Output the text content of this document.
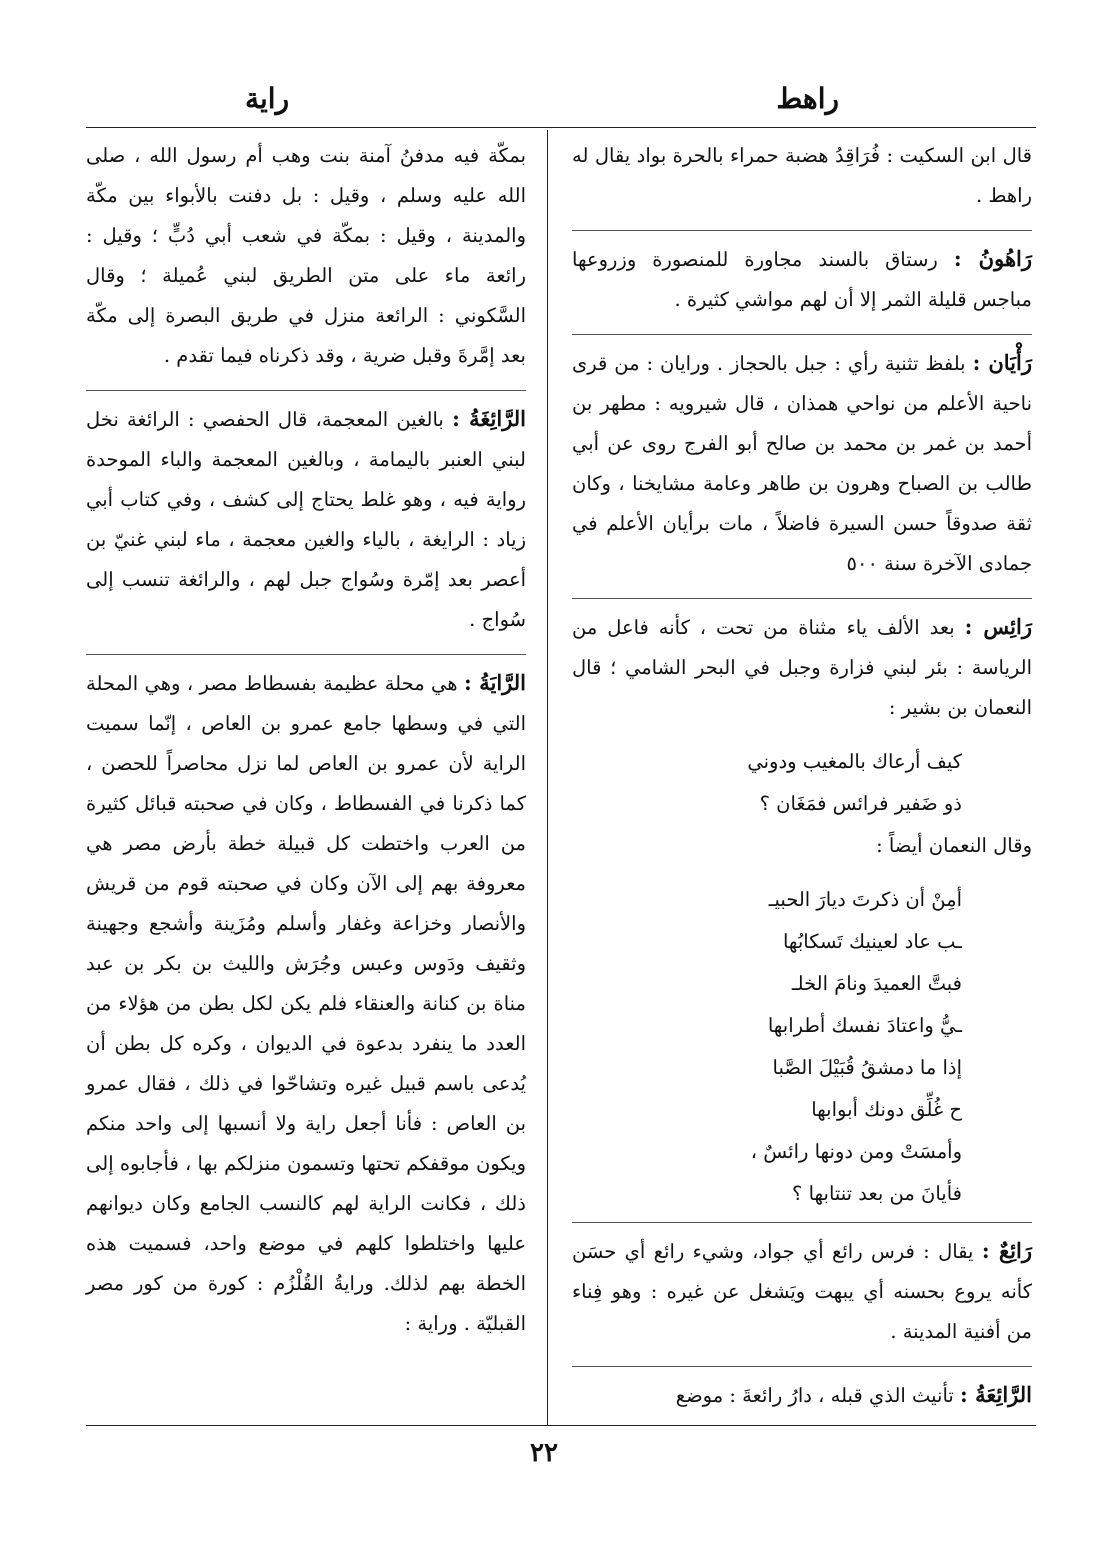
راهط
راية
قال ابن السكيت : فُرَاقِدُ هضبة حمراء بالحرة بواد يقال له راهط .
رَاهُونُ : رستاق بالسند مجاورة للمنصورة وزروعها مباجس قليلة الثمر إلا أن لهم مواشي كثيرة .
رَأْيَان : بلفظ تثنية رأي : جبل بالحجاز . ورايان : من قرى ناحية الأعلم من نواحي همذان ، قال شيرويه : مطهر بن أحمد بن غمر بن محمد بن صالح أبو الفرج روى عن أبي طالب بن الصباح وهرون بن طاهر وعامة مشايخنا ، وكان ثقة صدوقاً حسن السيرة فاضلاً ، مات برأيان الأعلم في جمادى الآخرة سنة ٥٠٠
رَائِس : بعد الألف ياء مثناة من تحت ، كأنه فاعل من الرياسة : بئر لبني فزارة وجبل في البحر الشامي ؛ قال النعمان بن بشير :
كيف أرعاك بالمغيب ودوني
ذو ضَفير فرائس فمَغَان ؟
وقال النعمان أيضاً :
أمِنْ أن ذكرتَ ديارَ الحبيـ
ـب عاد لعينيك تَسكابُها
فبتَّ العميدَ ونامَ الخلـ
ـيُّ واعتادَ نفسك أطرابها
إذا ما دمشقُ قُبَيْلَ الصَّبا
ح غُلِّق دونك أبوابها
وأمسَتْ ومن دونها رائسٌ ،
فأيانَ من بعد تنتابها ؟
رَائِعٌ : يقال : فرس رائع أي جواد، وشيء رائع أي حسَن كأنه يروع بحسنه أي يبهت ويَشغل عن غيره : وهو فِناء من أفنية المدينة .
الرَّائِعَةُ : تأنيث الذي قبله ، دارُ رائعةَ : موضع
بمكّة فيه مدفنُ آمنة بنت وهب أم رسول الله ، صلى الله عليه وسلم ، وقيل : بل دفنت بالأبواء بين مكّة والمدينة ، وقيل : بمكّة في شعب أبي دُبٍّ ؛ وقيل : رائعة ماء على متن الطريق لبني عُميلة ؛ وقال السَّكوني : الرائعة منزل في طريق البصرة إلى مكّة بعد إمَّرةَ وقبل ضرية ، وقد ذكرناه فيما تقدم .
الرَّائِغَةُ : بالغين المعجمة، قال الحفصي : الرائغة نخل لبني العنبر باليمامة ، وبالغين المعجمة والباء الموحدة رواية فيه ، وهو غلط يحتاج إلى كشف ، وفي كتاب أبي زياد : الرايغة ، بالياء والغين معجمة ، ماء لبني غنيّ بن أعصر بعد إمّرة وسُواج جبل لهم ، والرائغة تنسب إلى سُواج .
الرَّايَةُ : هي محلة عظيمة بفسطاط مصر ، وهي المحلة التي في وسطها جامع عمرو بن العاص ، إنّما سميت الراية لأن عمرو بن العاص لما نزل محاصراً للحصن ، كما ذكرنا في الفسطاط ، وكان في صحبته قبائل كثيرة من العرب واختطت كل قبيلة خطة بأرض مصر هي معروفة بهم إلى الآن وكان في صحبته قوم من قريش والأنصار وخزاعة وغفار وأسلم ومُزَينة وأشجع وجهينة وثقيف ودَوس وعبس وجُرَش والليث بن بكر بن عبد مناة بن كنانة والعنقاء فلم يكن لكل بطن من هؤلاء من العدد ما ينفرد بدعوة في الديوان ، وكره كل بطن أن يُدعى باسم قبيل غيره وتشاحّوا في ذلك ، فقال عمرو بن العاص : فأنا أجعل راية ولا أنسبها إلى واحد منكم ويكون موقفكم تحتها وتسمون منزلكم بها ، فأجابوه إلى ذلك ، فكانت الراية لهم كالنسب الجامع وكان ديوانهم عليها واختلطوا كلهم في موضع واحد، فسميت هذه الخطة بهم لذلك. ورايةُ القُلْزُم : كورة من كور مصر القبليّة . وراية :
٢٢
